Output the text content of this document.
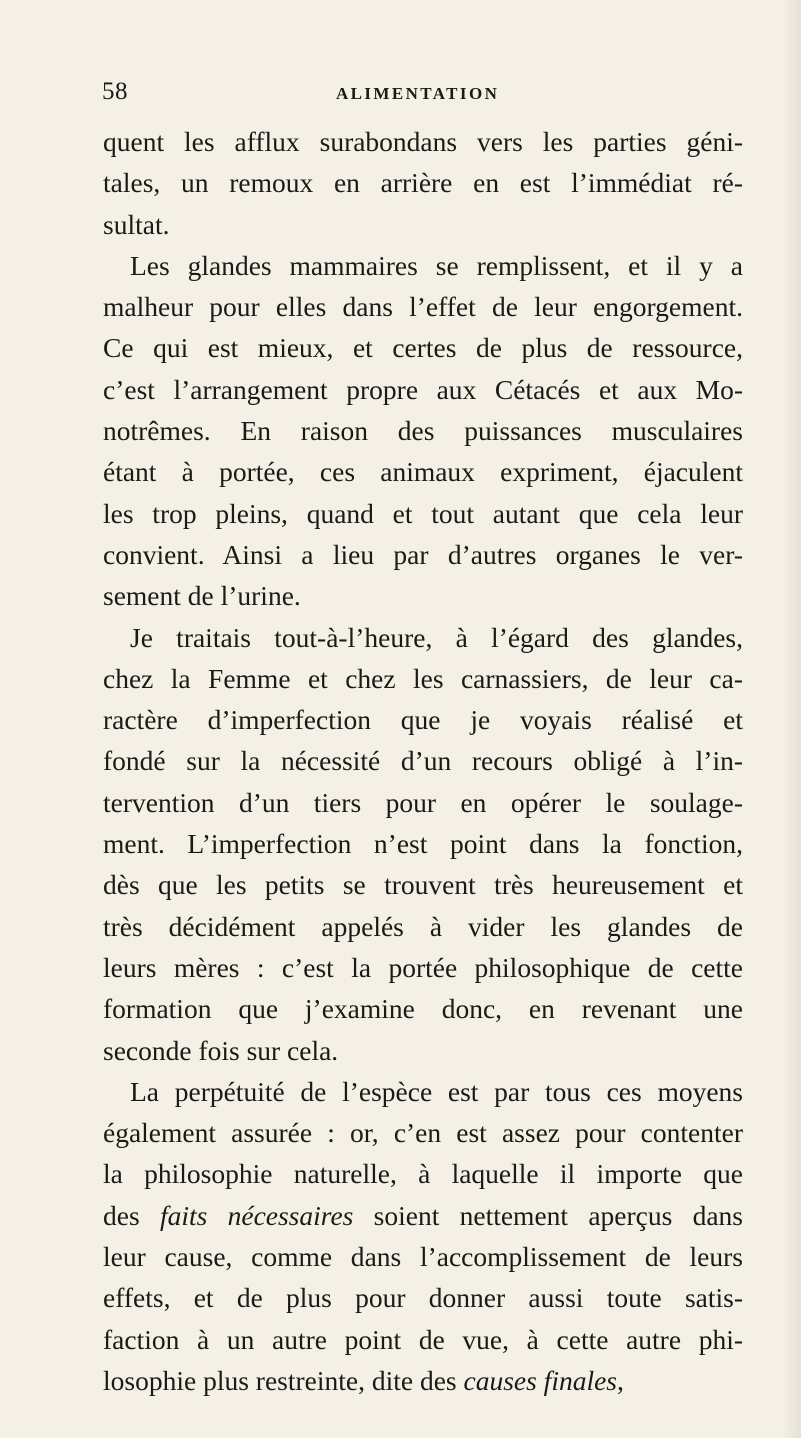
58	ALIMENTATION
quent les afflux surabondans vers les parties géni-
tales, un remoux en arrière en est l’immédiat ré-
sultat.
Les glandes mammaires se remplissent, et il y a
malheur pour elles dans l’effet de leur engorgement.
Ce qui est mieux, et certes de plus de ressource,
c’est l’arrangement propre aux Cétacés et aux Mo-
notrêmes. En raison des puissances musculaires
étant à portée, ces animaux expriment, éjaculent
les trop pleins, quand et tout autant que cela leur
convient. Ainsi a lieu par d’autres organes le ver-
sement de l’urine.
Je traitais tout-à-l’heure, à l’égard des glandes,
chez la Femme et chez les carnassiers, de leur ca-
ractère d’imperfection que je voyais réalisé et
fondé sur la nécessité d’un recours obligé à l’in-
tervention d’un tiers pour en opérer le soulage-
ment. L’imperfection n’est point dans la fonction,
dès que les petits se trouvent très heureusement et
très décidément appelés à vider les glandes de
leurs mères : c’est la portée philosophique de cette
formation que j’examine donc, en revenant une
seconde fois sur cela.
La perpétuité de l’espèce est par tous ces moyens
également assurée : or, c’en est assez pour contenter
la philosophie naturelle, à laquelle il importe que
des faits nécessaires soient nettement aperçus dans
leur cause, comme dans l’accomplissement de leurs
effets, et de plus pour donner aussi toute satis-
faction à un autre point de vue, à cette autre phi-
losophie plus restreinte, dite des causes finales,
